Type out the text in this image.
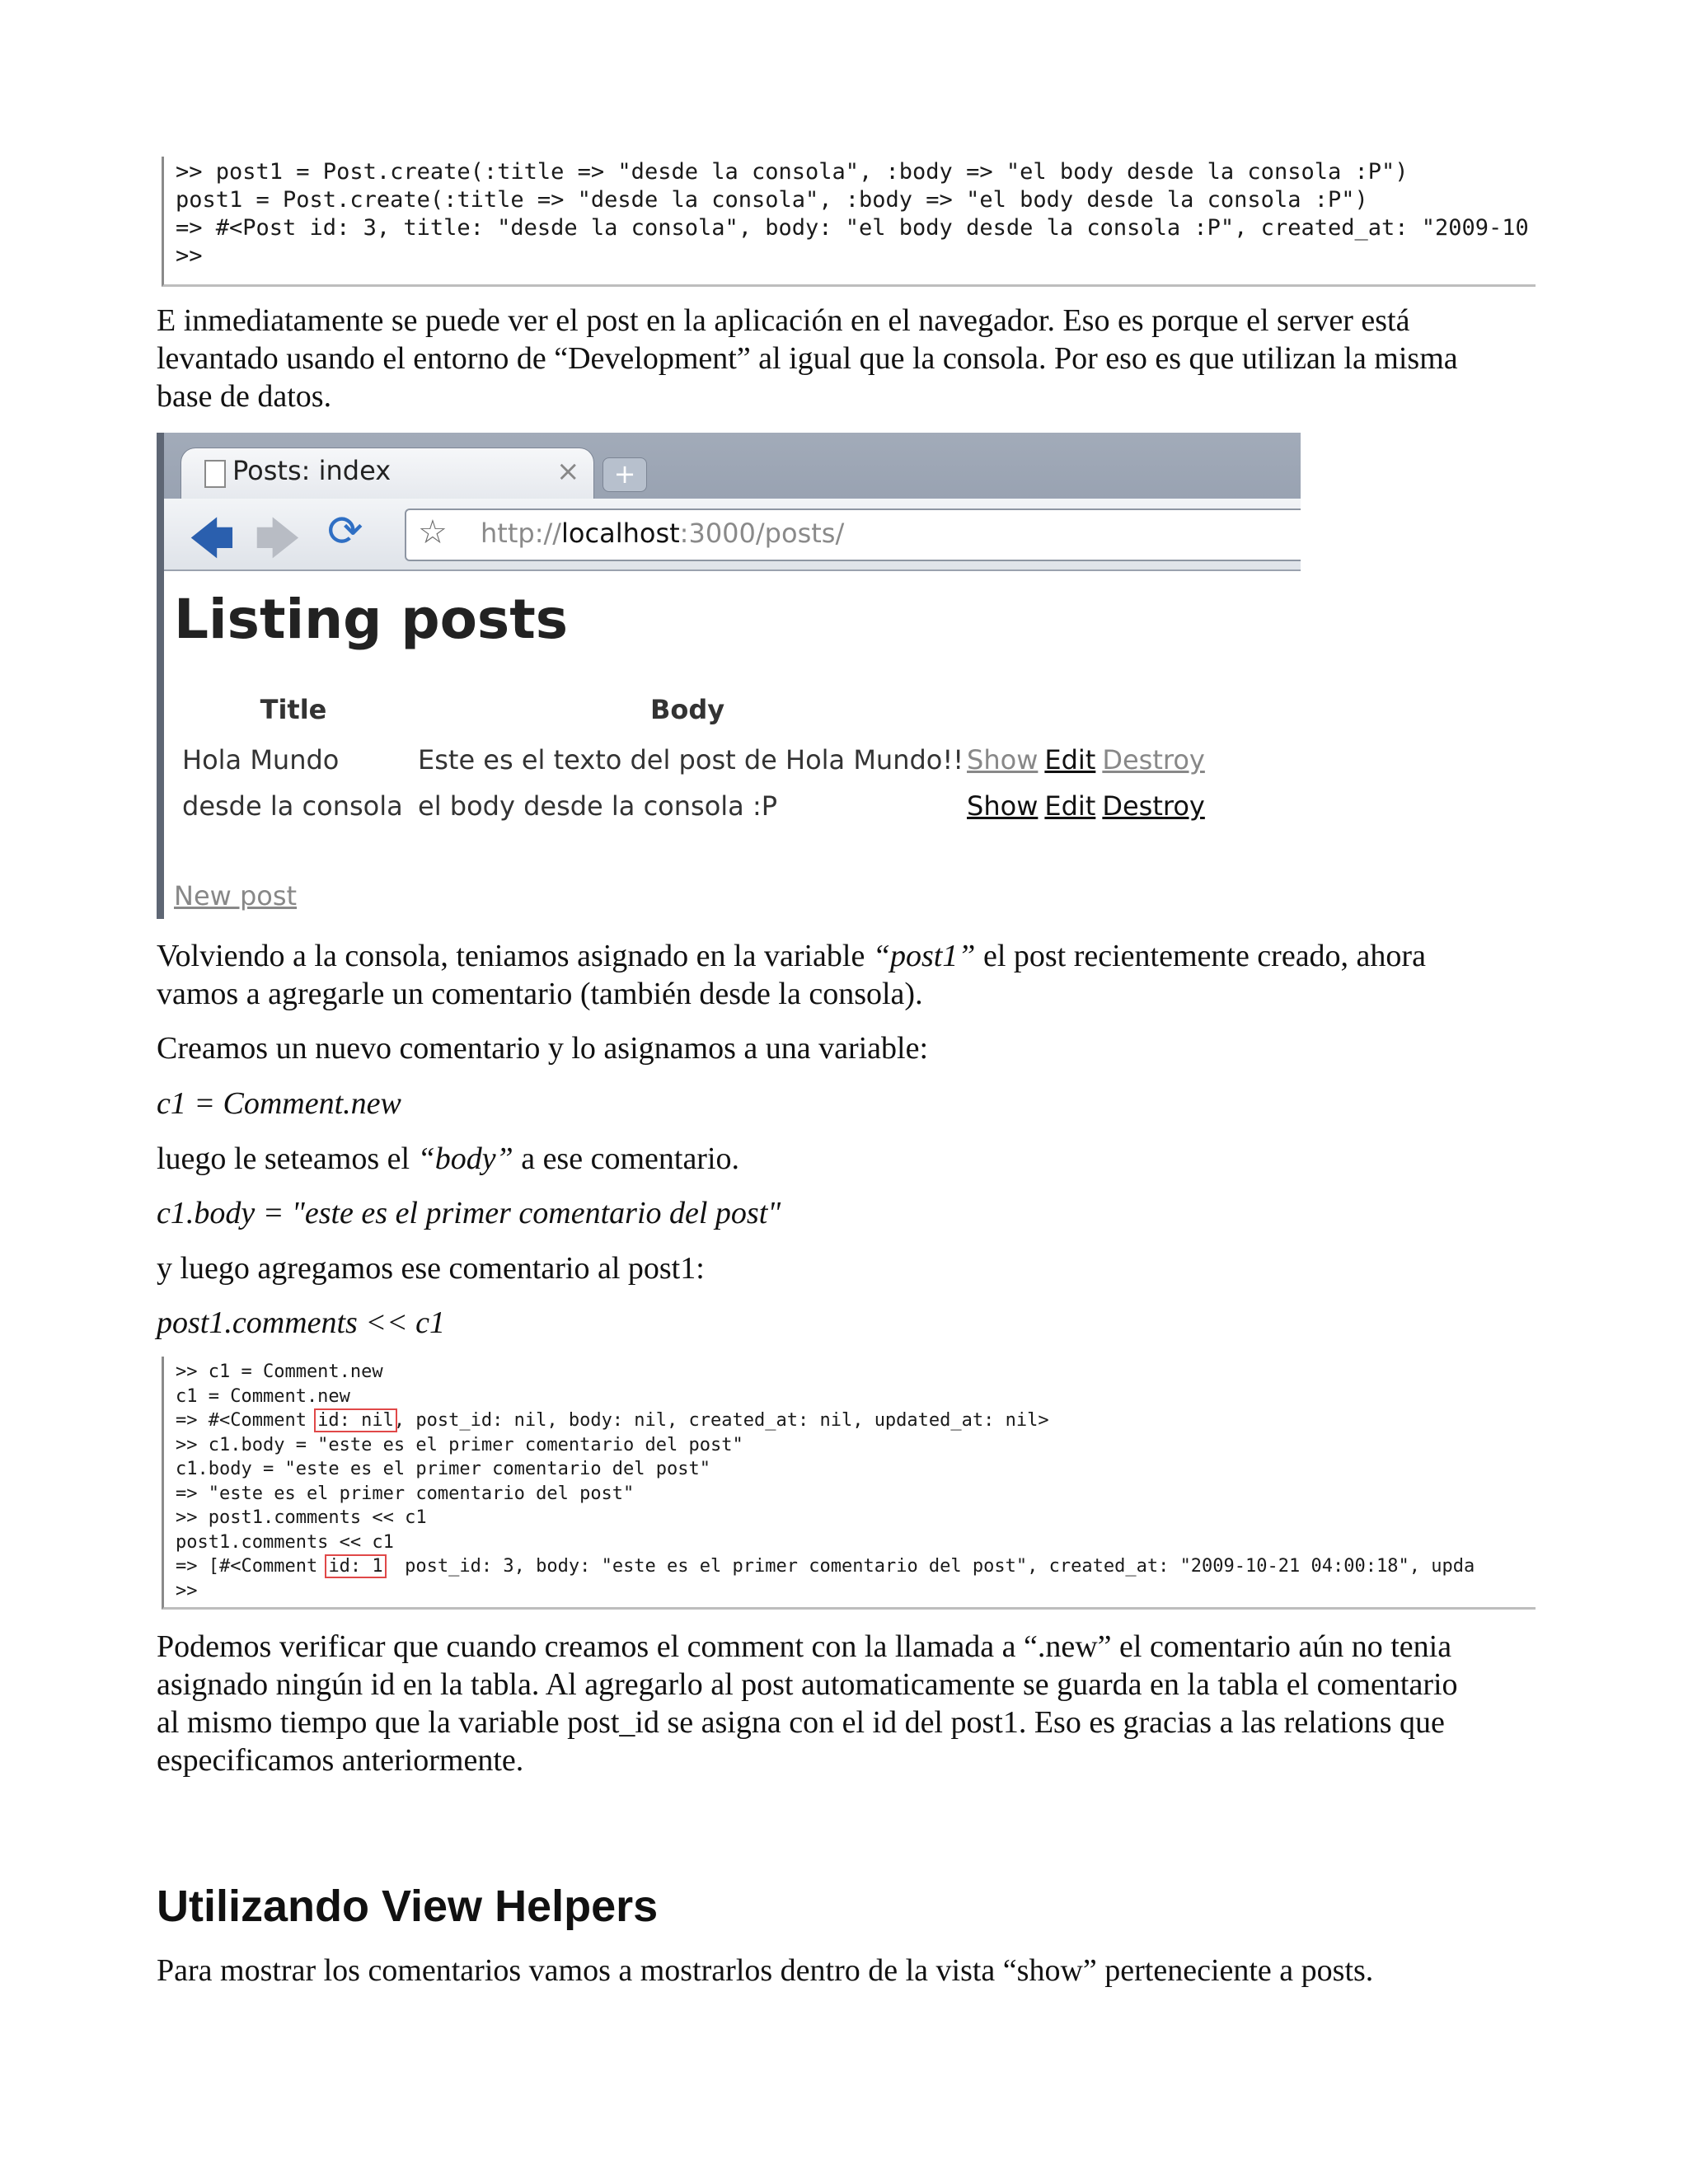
>> post1 = Post.create(:title => "desde la consola", :body => "el body desde la consola :P")
post1 = Post.create(:title => "desde la consola", :body => "el body desde la consola :P")
=> #<Post id: 3, title: "desde la consola", body: "el body desde la consola :P", created_at: "2009-10
>>

E inmediatamente se puede ver el post en la aplicación en el navegador. Eso es porque el server está
levantado usando el entorno de “Development” al igual que la consola. Por eso es que utilizan la misma
base de datos.

Posts: index	×	+
🡄 🡆 ⟳ ☆ http://localhost:3000/posts/
Listing posts
Title	Body			
Hola Mundo	Este es el texto del post de Hola Mundo!!	Show	Edit	Destroy
desde la consola	el body desde la consola :P	Show	Edit	Destroy
New post

Volviendo a la consola, teniamos asignado en la variable “post1” el post recientemente creado, ahora
vamos a agregarle un comentario (también desde la consola).

Creamos un nuevo comentario y lo asignamos a una variable:

c1 = Comment.new

luego le seteamos el “body” a ese comentario.

c1.body = "este es el primer comentario del post"

y luego agregamos ese comentario al post1:

post1.comments << c1

>> c1 = Comment.new
c1 = Comment.new
=> #<Comment id: nil, post_id: nil, body: nil, created_at: nil, updated_at: nil>
>> c1.body = "este es el primer comentario del post"
c1.body = "este es el primer comentario del post"
=> "este es el primer comentario del post"
>> post1.comments << c1
post1.comments << c1
=> [#<Comment id: 1  post_id: 3, body: "este es el primer comentario del post", created_at: "2009-10-21 04:00:18", upda
>>

Podemos verificar que cuando creamos el comment con la llamada a “.new” el comentario aún no tenia
asignado ningún id en la tabla. Al agregarlo al post automaticamente se guarda en la tabla el comentario
al mismo tiempo que la variable post_id se asigna con el id del post1. Eso es gracias a las relations que
especificamos anteriormente.

Utilizando View Helpers

Para mostrar los comentarios vamos a mostrarlos dentro de la vista “show” perteneciente a posts.
